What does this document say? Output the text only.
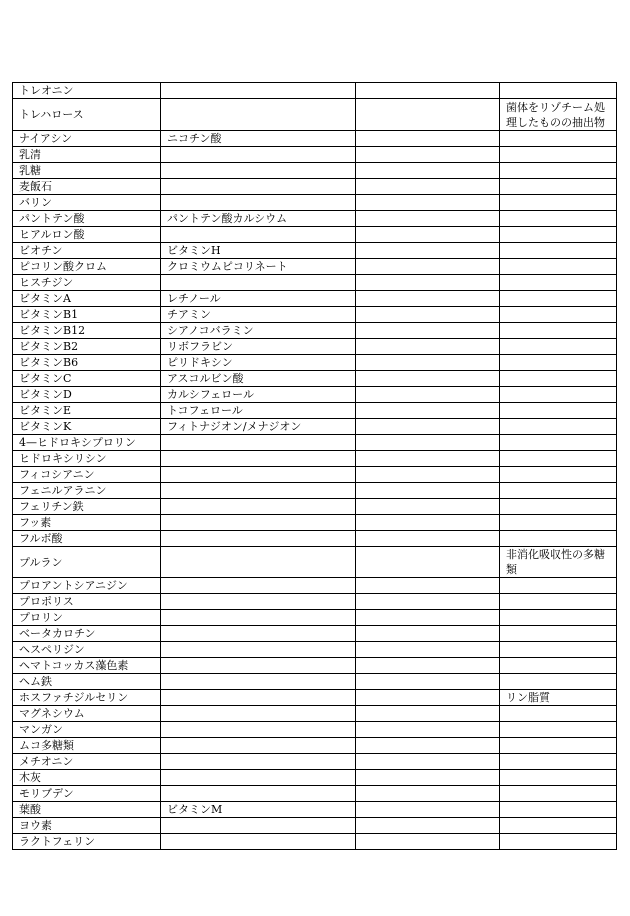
トレオニン			
トレハロース			菌体をリゾチーム処理したものの抽出物
ナイアシン	ニコチン酸		
乳清			
乳糖			
麦飯石			
バリン			
パントテン酸	パントテン酸カルシウム		
ヒアルロン酸			
ビオチン	ビタミンH		
ピコリン酸クロム	クロミウムピコリネート		
ヒスチジン			
ビタミンA	レチノール		
ビタミンB1	チアミン		
ビタミンB12	シアノコバラミン		
ビタミンB2	リボフラビン		
ビタミンB6	ピリドキシン		
ビタミンC	アスコルビン酸		
ビタミンD	カルシフェロール		
ビタミンE	トコフェロール		
ビタミンK	フィトナジオン/メナジオン		
4—ヒドロキシプロリン			
ヒドロキシリシン			
フィコシアニン			
フェニルアラニン			
フェリチン鉄			
フッ素			
フルボ酸			
プルラン			非消化吸収性の多糖類
プロアントシアニジン			
プロポリス			
プロリン			
ベータカロチン			
ヘスペリジン			
ヘマトコッカス藻色素			
ヘム鉄			
ホスファチジルセリン			リン脂質
マグネシウム			
マンガン			
ムコ多糖類			
メチオニン			
木灰			
モリブデン			
葉酸	ビタミンM		
ヨウ素			
ラクトフェリン			
